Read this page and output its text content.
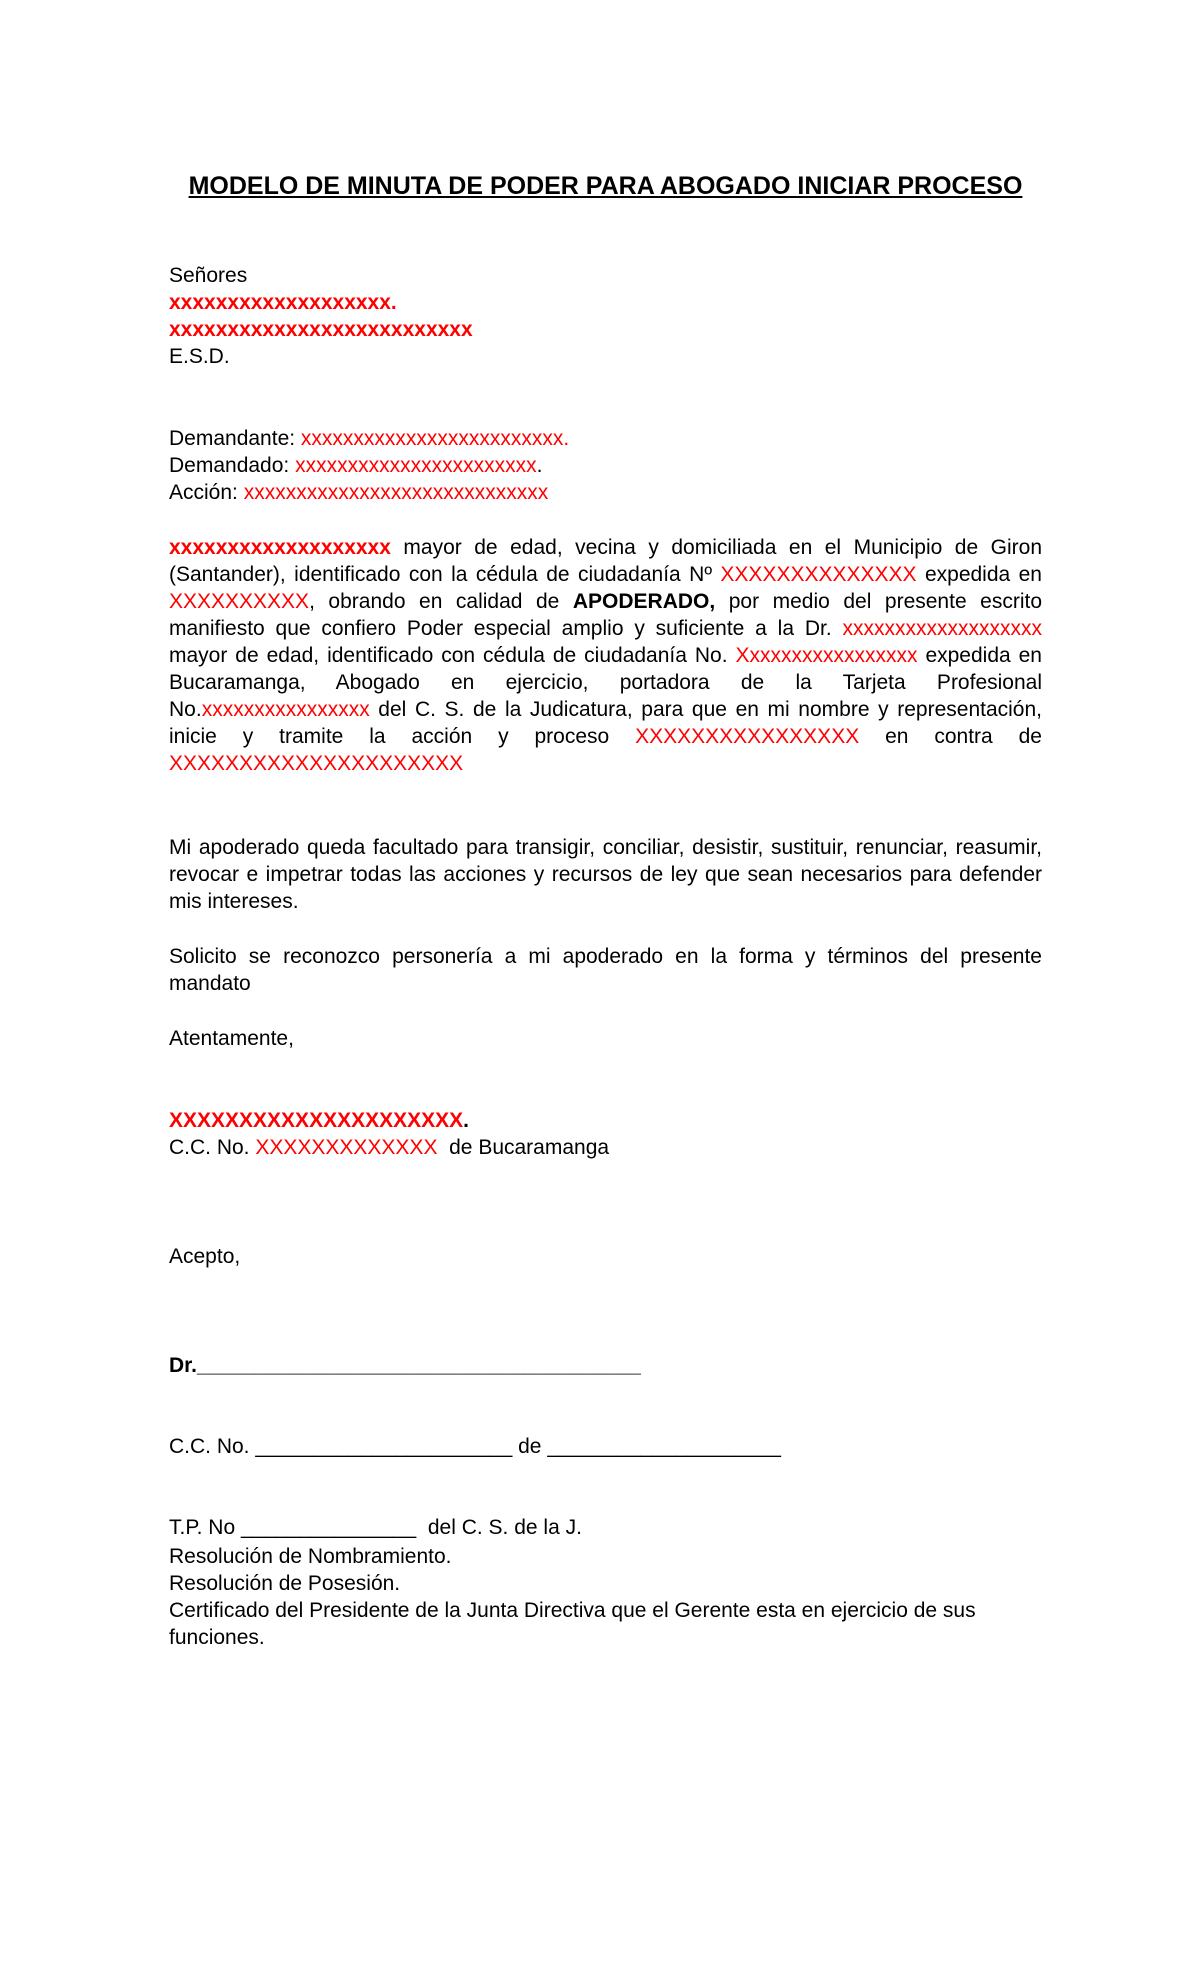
MODELO DE MINUTA DE PODER PARA ABOGADO INICIAR PROCESO

Señores

xxxxxxxxxxxxxxxxxxx.

xxxxxxxxxxxxxxxxxxxxxxxxxx

E.S.D.

Demandante: xxxxxxxxxxxxxxxxxxxxxxxxx.

Demandado: xxxxxxxxxxxxxxxxxxxxxxx.

Acción: xxxxxxxxxxxxxxxxxxxxxxxxxxxxx

xxxxxxxxxxxxxxxxxxx mayor de edad, vecina y domiciliada en el Municipio de Giron (Santander), identificado con la cédula de ciudadanía Nº XXXXXXXXXXXXXX expedida en XXXXXXXXXX, obrando en calidad de APODERADO, por medio del presente escrito manifiesto que confiero Poder especial amplio y suficiente a la Dr. xxxxxxxxxxxxxxxxxxx mayor de edad, identificado con cédula de ciudadanía No. Xxxxxxxxxxxxxxxxx expedida en Bucaramanga, Abogado en ejercicio, portadora de la Tarjeta Profesional No.xxxxxxxxxxxxxxxx del C. S. de la Judicatura, para que en mi nombre y representación, inicie y tramite la acción y proceso XXXXXXXXXXXXXXXX en contra de XXXXXXXXXXXXXXXXXXXXX
Mi apoderado queda facultado para transigir, conciliar, desistir, sustituir, renunciar, reasumir, revocar e impetrar todas las acciones y recursos de ley que sean necesarios para defender mis intereses.
Solicito se reconozco personería a mi apoderado en la forma y términos del presente mandato
Atentamente,

XXXXXXXXXXXXXXXXXXXXX.

C.C. No. XXXXXXXXXXXXX  de Bucaramanga

Acepto,

Dr.______________________________________

C.C. No. ______________________ de ____________________

T.P. No _______________  del C. S. de la J.

Resolución de Nombramiento.

Resolución de Posesión.

Certificado del Presidente de la Junta Directiva que el Gerente esta en ejercicio de sus funciones.
